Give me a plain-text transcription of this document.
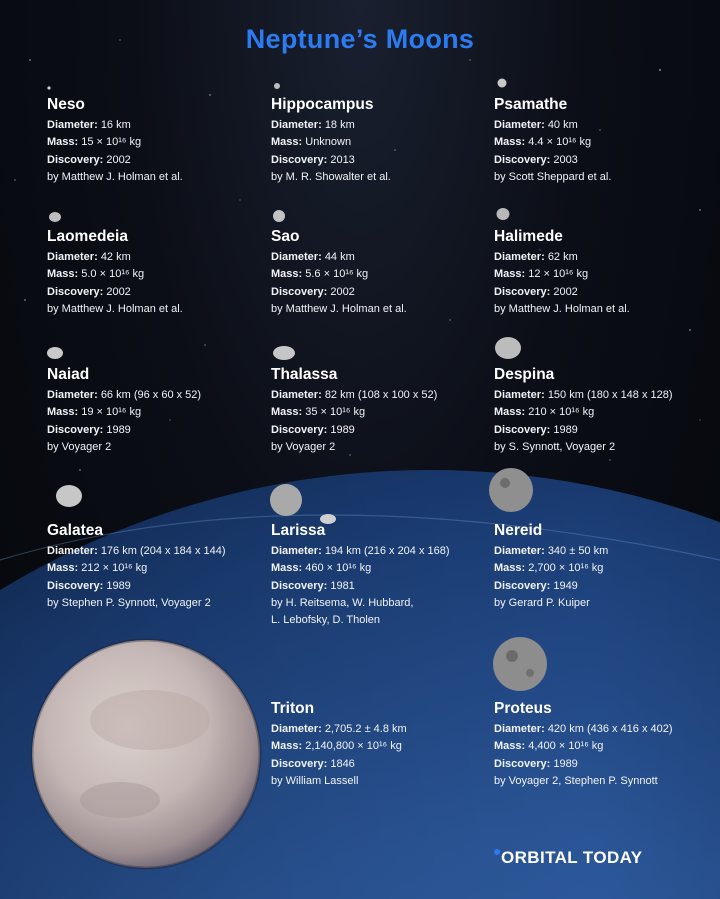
Neptune’s Moons
Neso
Diameter: 16 km
Mass: 15 × 10¹⁶ kg
Discovery: 2002
by Matthew J. Holman et al.
Hippocampus
Diameter: 18 km
Mass: Unknown
Discovery: 2013
by M. R. Showalter et al.
Psamathe
Diameter: 40 km
Mass: 4.4 × 10¹⁶ kg
Discovery: 2003
by Scott Sheppard et al.
Laomedeia
Diameter: 42 km
Mass: 5.0 × 10¹⁶ kg
Discovery: 2002
by Matthew J. Holman et al.
Sao
Diameter: 44 km
Mass: 5.6 × 10¹⁶ kg
Discovery: 2002
by Matthew J. Holman et al.
Halimede
Diameter: 62 km
Mass: 12 × 10¹⁶ kg
Discovery: 2002
by Matthew J. Holman et al.
Naiad
Diameter: 66 km (96 x 60 x 52)
Mass: 19 × 10¹⁶ kg
Discovery: 1989
by Voyager 2
Thalassa
Diameter: 82 km (108 x 100 x 52)
Mass: 35 × 10¹⁶ kg
Discovery: 1989
by Voyager 2
Despina
Diameter: 150 km (180 x 148 x 128)
Mass: 210 × 10¹⁶ kg
Discovery: 1989
by S. Synnott, Voyager 2
Galatea
Diameter: 176 km (204 x 184 x 144)
Mass: 212 × 10¹⁶ kg
Discovery: 1989
by Stephen P. Synnott, Voyager 2
Larissa
Diameter: 194 km (216 x 204 x 168)
Mass: 460 × 10¹⁶ kg
Discovery: 1981
by H. Reitsema, W. Hubbard,
L. Lebofsky, D. Tholen
Nereid
Diameter: 340 ± 50 km
Mass: 2,700 × 10¹⁶ kg
Discovery: 1949
by Gerard P. Kuiper
Triton
Diameter: 2,705.2 ± 4.8 km
Mass: 2,140,800 × 10¹⁶ kg
Discovery: 1846
by William Lassell
Proteus
Diameter: 420 km (436 x 416 x 402)
Mass: 4,400 × 10¹⁶ kg
Discovery: 1989
by Voyager 2, Stephen P. Synnott
ORBITAL TODAY
